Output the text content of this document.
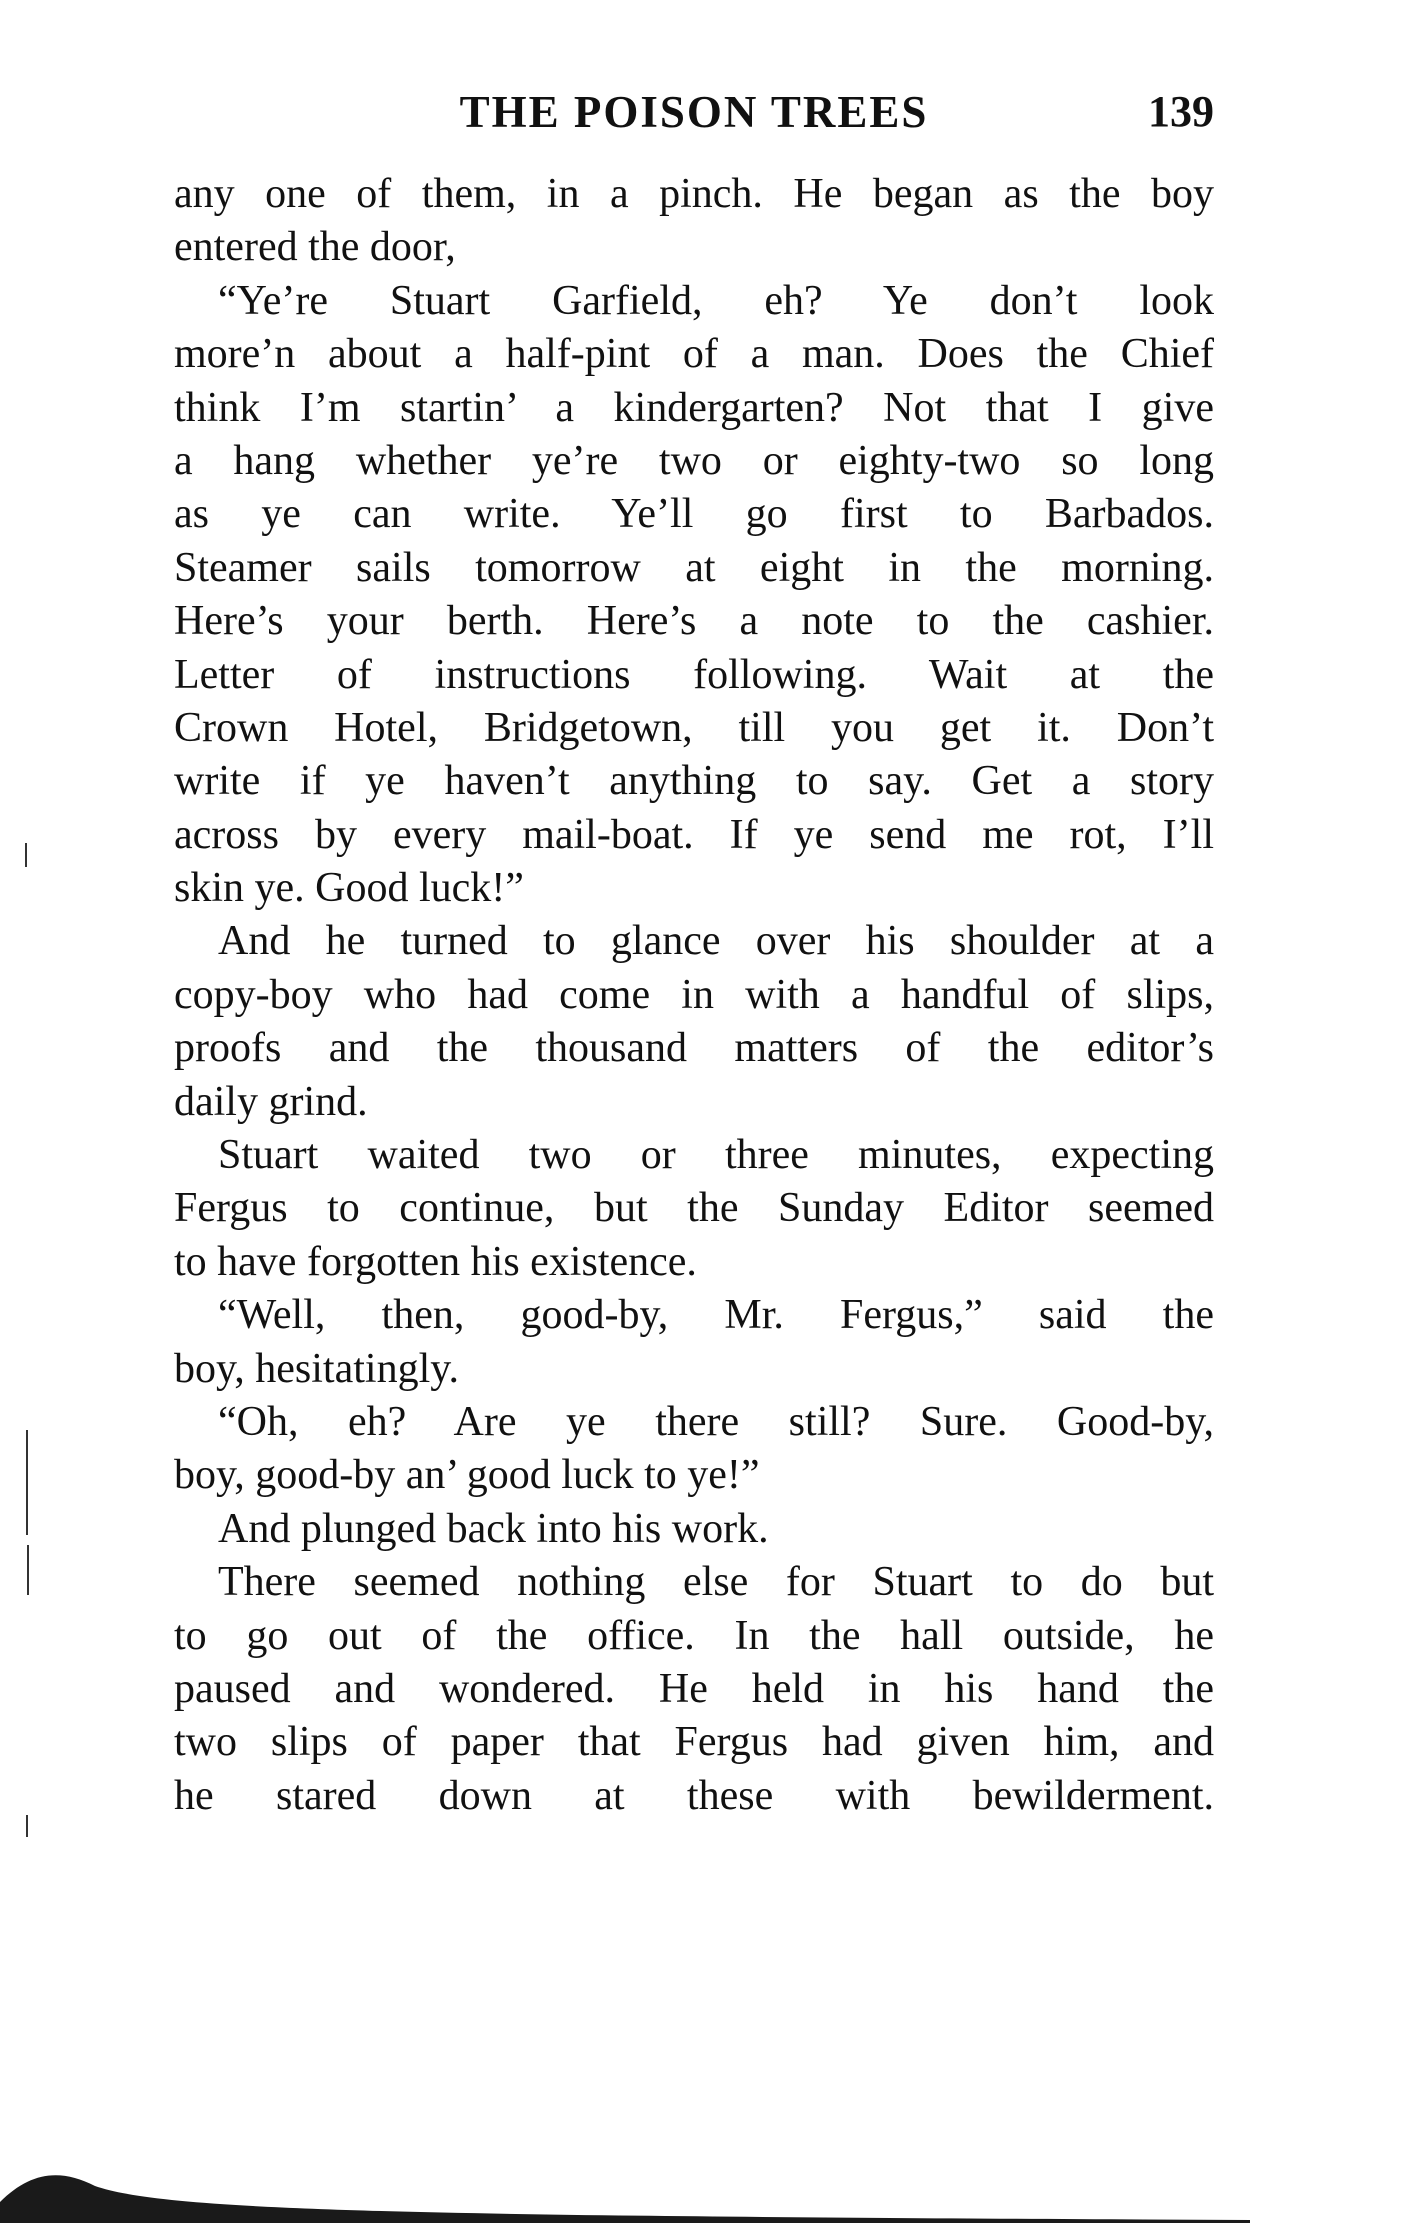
THE POISON TREES	139
any one of them, in a pinch. He began as the boy
entered the door,
“Ye’re Stuart Garfield, eh? Ye don’t look
more’n about a half-pint of a man. Does the Chief
think I’m startin’ a kindergarten? Not that I give
a hang whether ye’re two or eighty-two so long
as ye can write. Ye’ll go first to Barbados.
Steamer sails tomorrow at eight in the morning.
Here’s your berth. Here’s a note to the cashier.
Letter of instructions following. Wait at the
Crown Hotel, Bridgetown, till you get it. Don’t
write if ye haven’t anything to say. Get a story
across by every mail-boat. If ye send me rot, I’ll
skin ye. Good luck!”
And he turned to glance over his shoulder at a
copy-boy who had come in with a handful of slips,
proofs and the thousand matters of the editor’s
daily grind.
Stuart waited two or three minutes, expecting
Fergus to continue, but the Sunday Editor seemed
to have forgotten his existence.
“Well, then, good-by, Mr. Fergus,” said the
boy, hesitatingly.
“Oh, eh? Are ye there still? Sure. Good-by,
boy, good-by an’ good luck to ye!”
And plunged back into his work.
There seemed nothing else for Stuart to do but
to go out of the office. In the hall outside, he
paused and wondered. He held in his hand the
two slips of paper that Fergus had given him, and
he stared down at these with bewilderment.
